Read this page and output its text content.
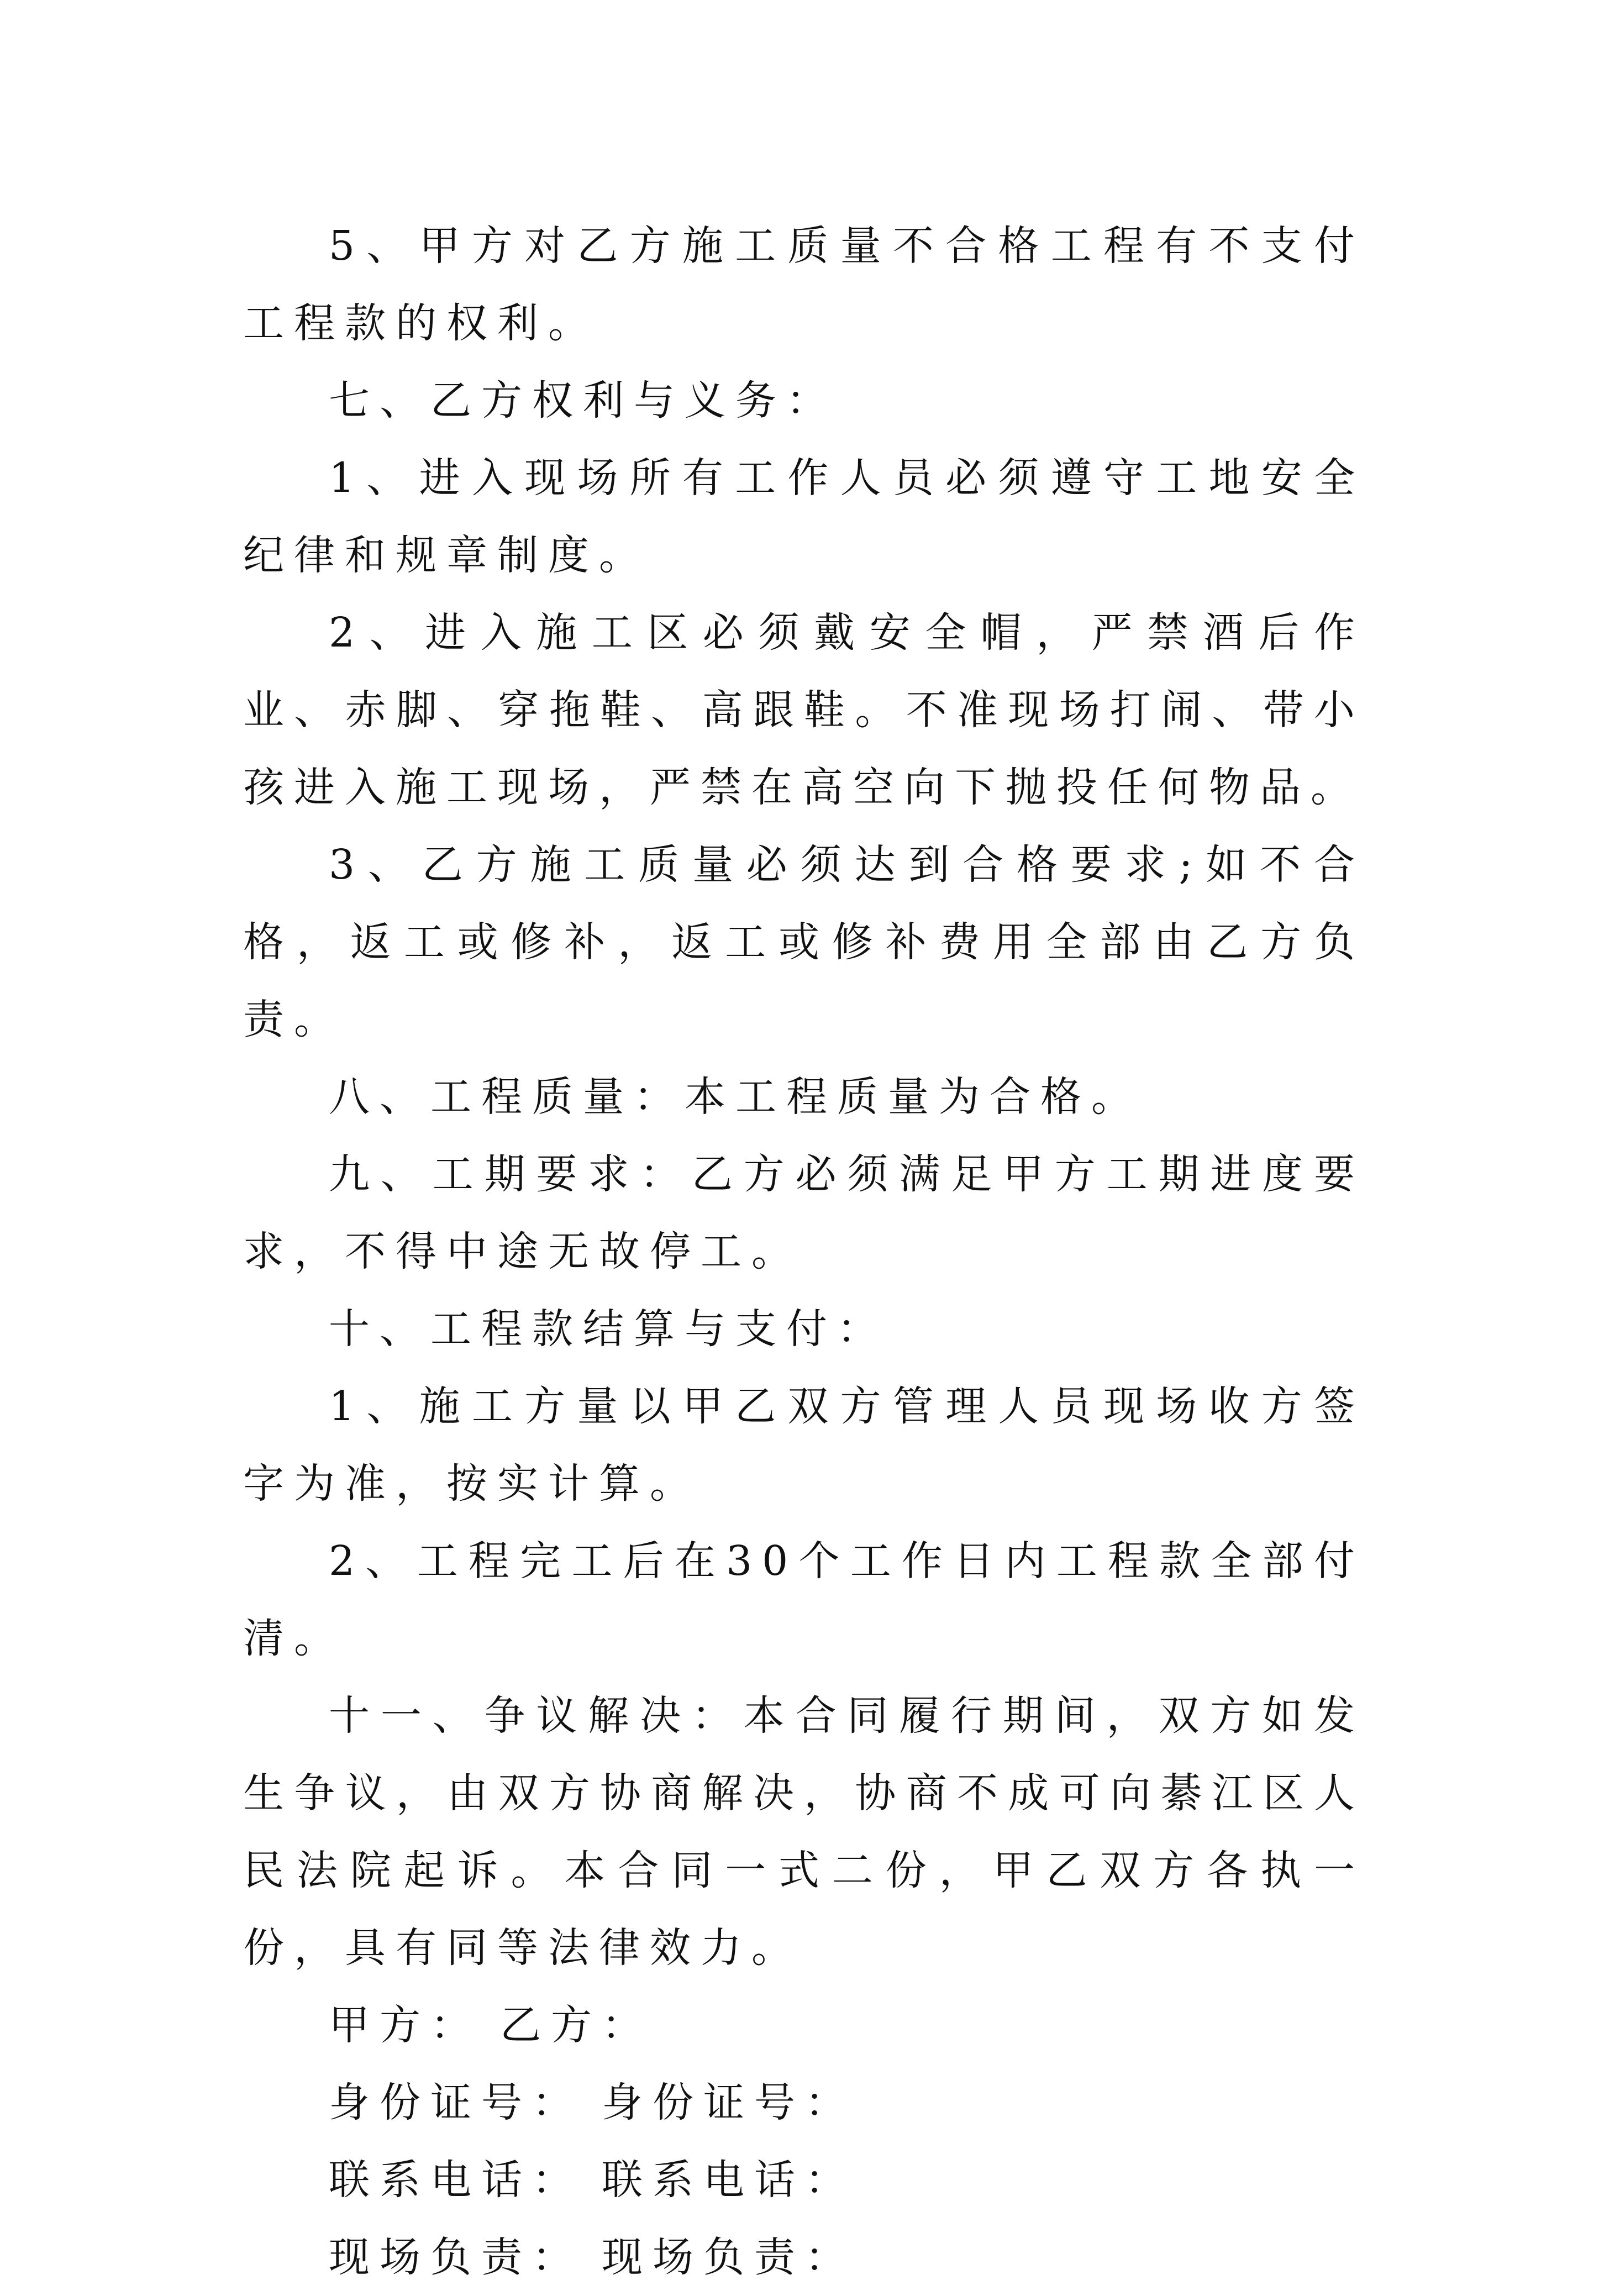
5、甲方对乙方施工质量不合格工程有不支付工程款的权利。

七、乙方权利与义务：

1、进入现场所有工作人员必须遵守工地安全纪律和规章制度。

2、进入施工区必须戴安全帽，严禁酒后作业、赤脚、穿拖鞋、高跟鞋。不准现场打闹、带小孩进入施工现场，严禁在高空向下抛投任何物品。

3、乙方施工质量必须达到合格要求;如不合格，返工或修补，返工或修补费用全部由乙方负责。

八、工程质量：本工程质量为合格。

九、工期要求：乙方必须满足甲方工期进度要求，不得中途无故停工。

十、工程款结算与支付：

1、施工方量以甲乙双方管理人员现场收方签字为准，按实计算。

2、工程完工后在30个工作日内工程款全部付清。

十一、争议解决：本合同履行期间，双方如发生争议，由双方协商解决，协商不成可向綦江区人民法院起诉。本合同一式二份，甲乙双方各执一份，具有同等法律效力。

甲方： 乙方：

身份证号： 身份证号：

联系电话： 联系电话：

现场负责： 现场负责：
